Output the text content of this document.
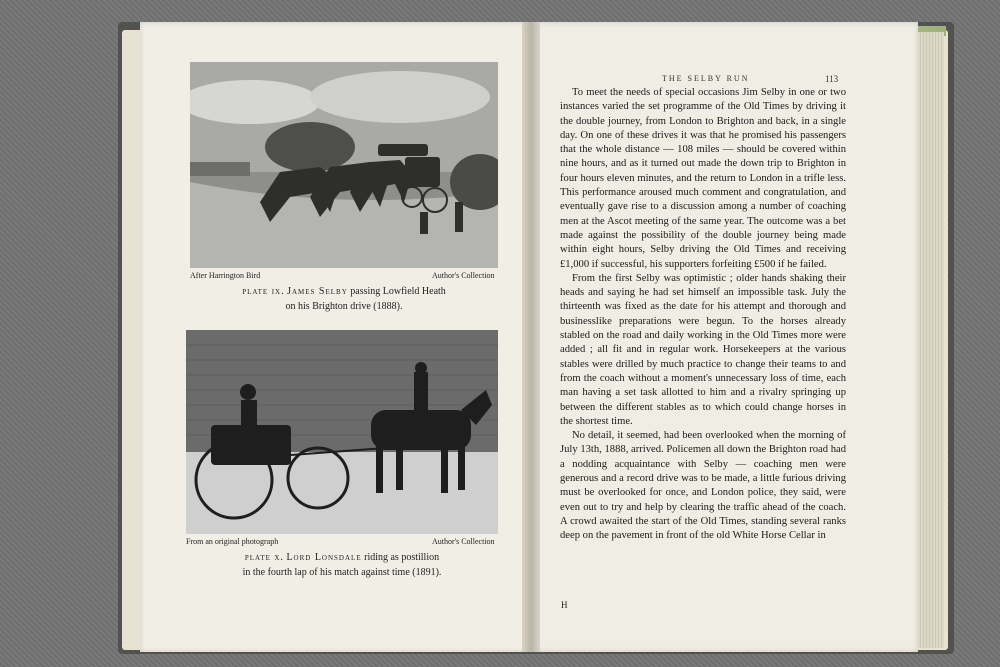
After Harrington Bird	Author's Collection
plate ix. James Selby passing Lowfield Heath
on his Brighton drive (1888).
From an original photograph	Author's Collection
plate x. Lord Lonsdale riding as postillion
in the fourth lap of his match against time (1891).
THE SELBY RUN	113

To meet the needs of special occasions Jim Selby in one or two instances varied the set programme of the Old Times by driving it the double journey, from London to Brighton and back, in a single day. On one of these drives it was that he promised his passengers that the whole distance — 108 miles — should be covered within nine hours, and as it turned out made the down trip to Brighton in four hours eleven minutes, and the return to London in a trifle less. This performance aroused much comment and congratulation, and eventually gave rise to a discussion among a number of coaching men at the Ascot meeting of the same year. The outcome was a bet made against the possibility of the double journey being made within eight hours, Selby driving the Old Times and receiving £1,000 if successful, his supporters forfeiting £500 if he failed.

From the first Selby was optimistic ; older hands shaking their heads and saying he had set himself an impossible task. July the thirteenth was fixed as the date for his attempt and thorough and businesslike preparations were begun. To the horses already stabled on the road and daily working in the Old Times more were added ; all fit and in regular work. Horsekeepers at the various stables were drilled by much practice to change their teams to and from the coach without a moment's unnecessary loss of time, each man having a set task allotted to him and a rivalry springing up between the different stables as to which could change horses in the shortest time.

No detail, it seemed, had been overlooked when the morning of July 13th, 1888, arrived. Policemen all down the Brighton road had a nodding acquaintance with Selby — coaching men were generous and a record drive was to be made, a little furious driving must be overlooked for once, and London police, they said, were even out to try and help by clearing the traffic ahead of the coach. A crowd awaited the start of the Old Times, standing several ranks deep on the pavement in front of the old White Horse Cellar in

H
